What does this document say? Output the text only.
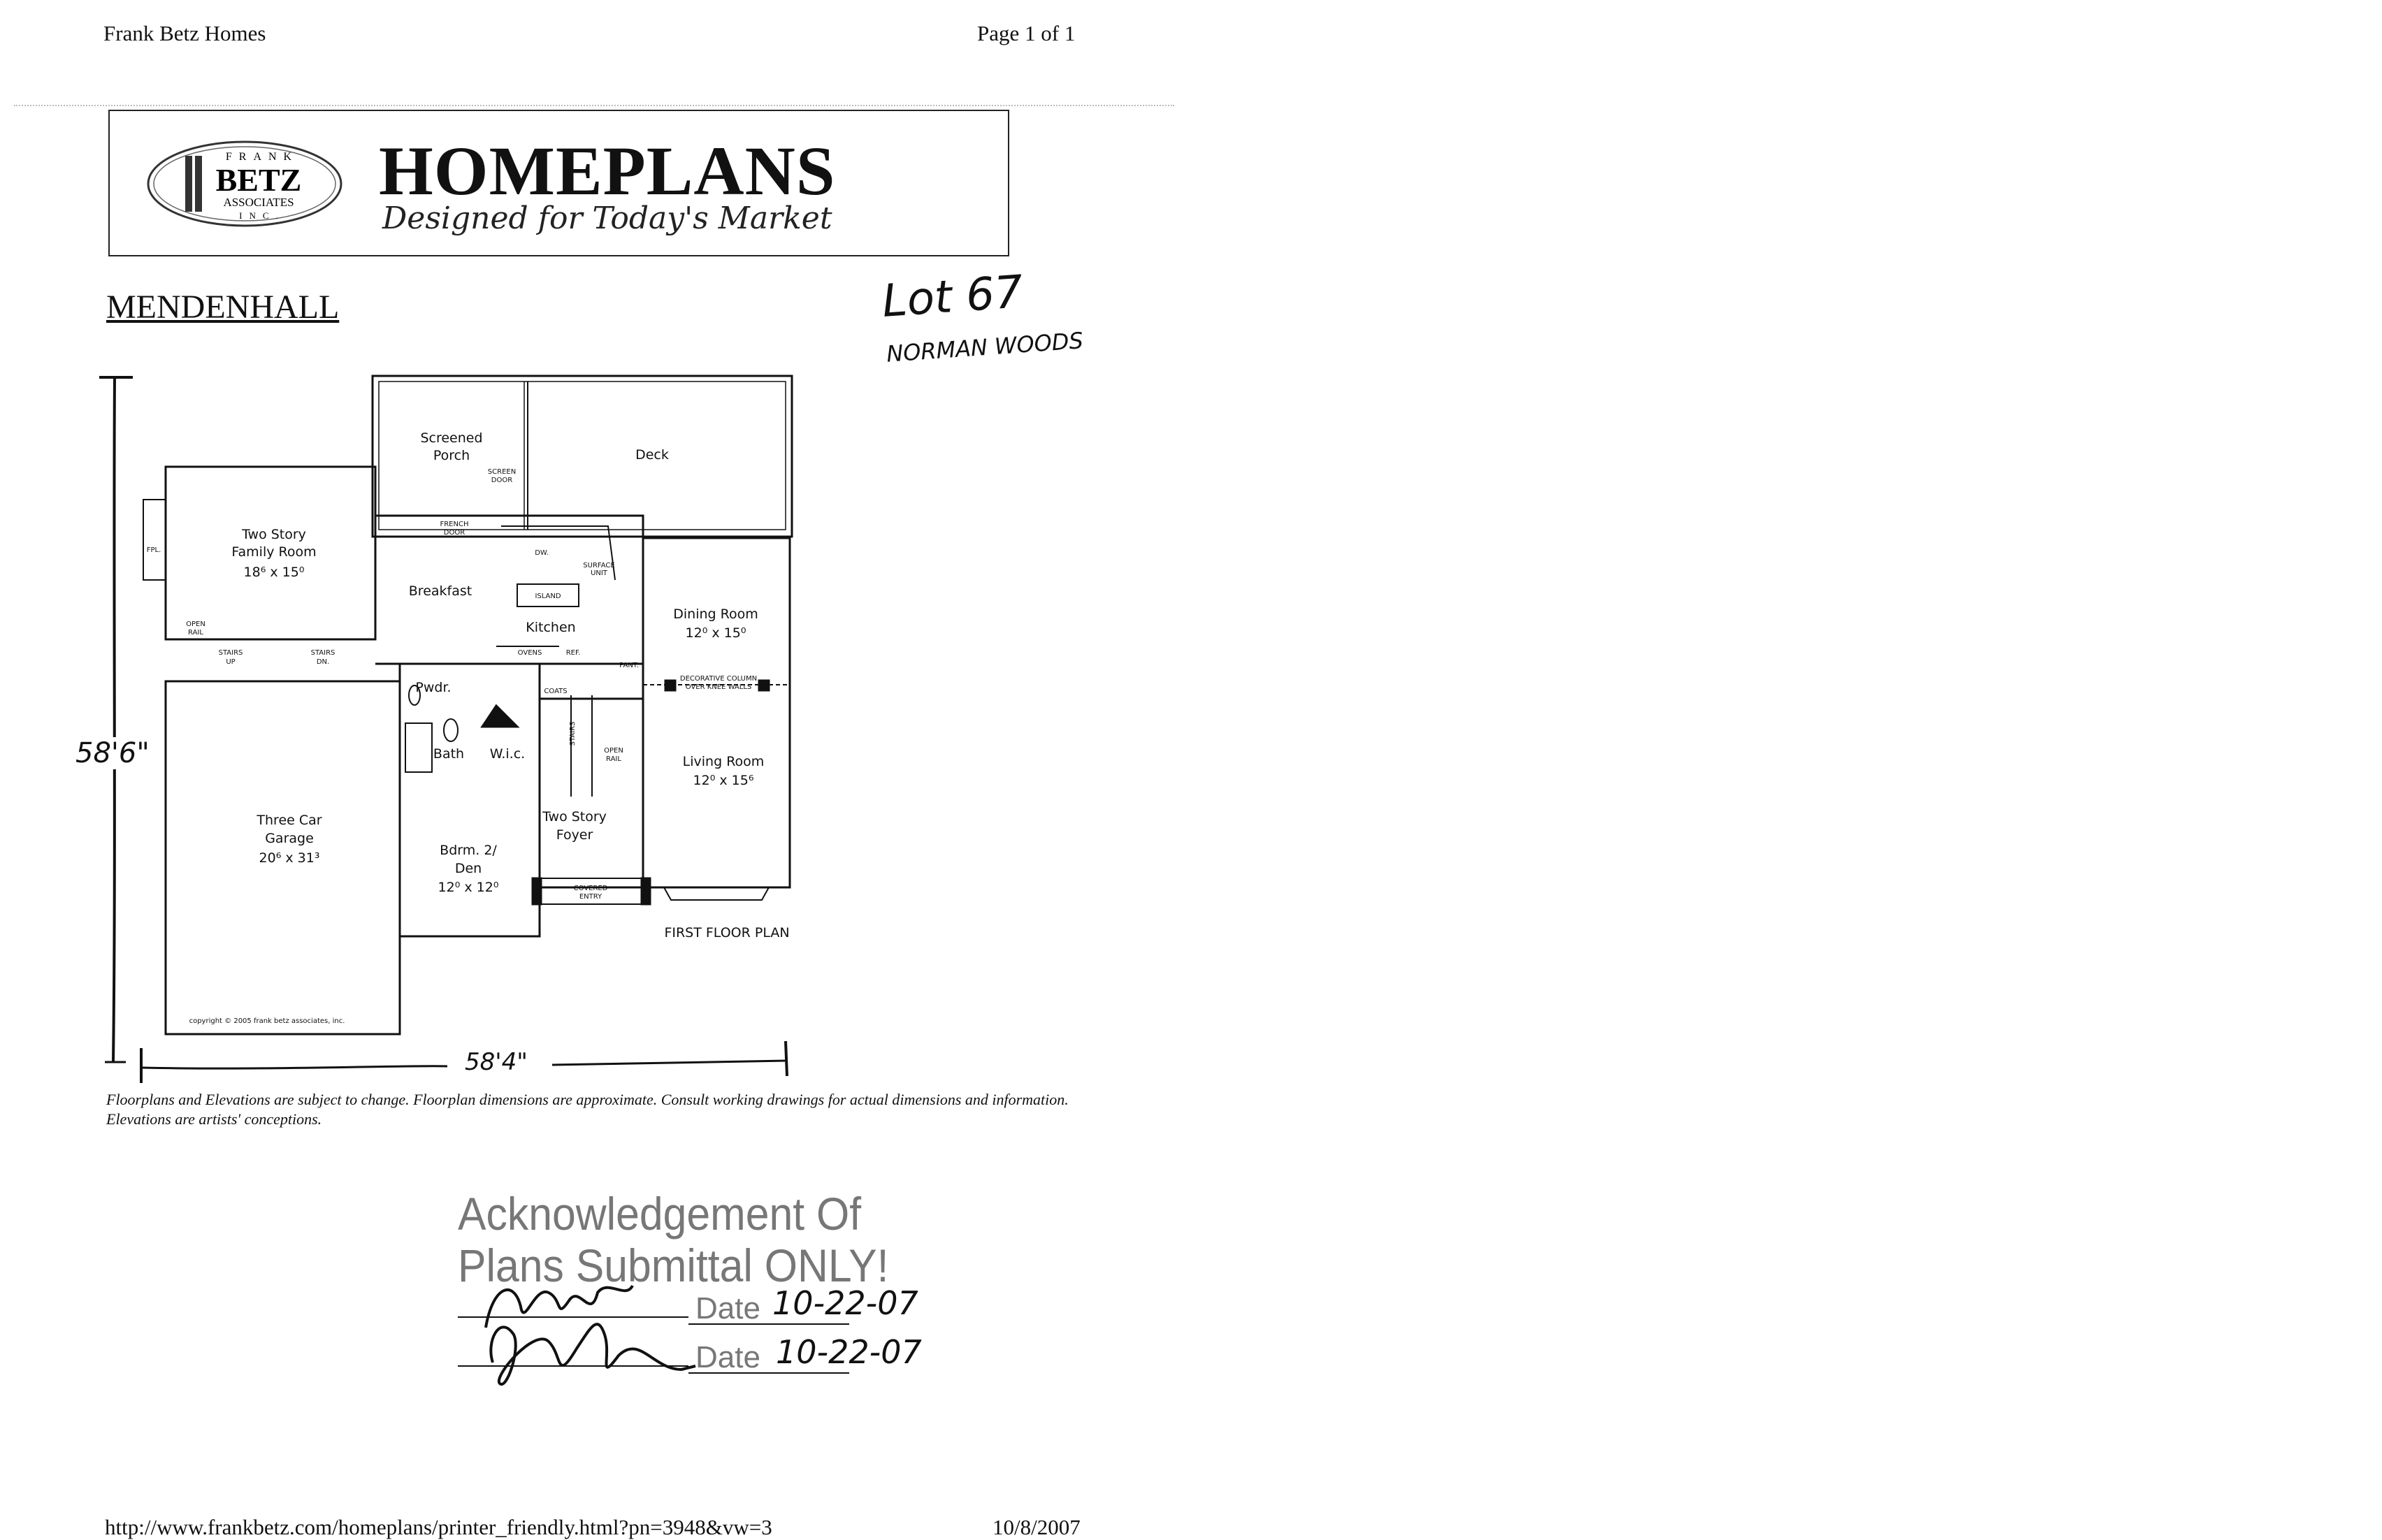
Frank Betz Homes	Page 1 of 1
FRANK
BETZ
ASSOCIATES
INC.
HOMEPLANS
Designed for Today's Market
MENDENHALL	Lot 67
NORMAN WOODS
58'6"
58'4"
Screened
Porch
SCREEN
DOOR
Deck
Two Story
Family Room
18⁶ x 15⁰
FPL.
FRENCH
DOOR
DW.
SURFACE
UNIT
Breakfast	ISLAND
Kitchen
Dining Room
12⁰ x 15⁰
OPEN
RAIL
STAIRS
UP
STAIRS
DN.
OVENS	REF.
PANT.
DECORATIVE COLUMN
OVER KNEE WALLS
COATS
Pwdr.
Bath W.i.c.	OPEN
RAIL
STAIRS
Living Room
12⁰ x 15⁶
Three Car
Garage
20⁶ x 31³	Bdrm. 2/
Den
12⁰ x 12⁰
Two Story
Foyer
COVERED
ENTRY
FIRST FLOOR PLAN
copyright © 2005 frank betz associates, inc.
Floorplans and Elevations are subject to change. Floorplan dimensions are approximate. Consult working drawings for actual dimensions and information. Elevations are artists' conceptions.
Acknowledgement Of
Plans Submittal ONLY!
Date
Date
10-22-07
10-22-07
http://www.frankbetz.com/homeplans/printer_friendly.html?pn=3948&vw=3	10/8/2007
